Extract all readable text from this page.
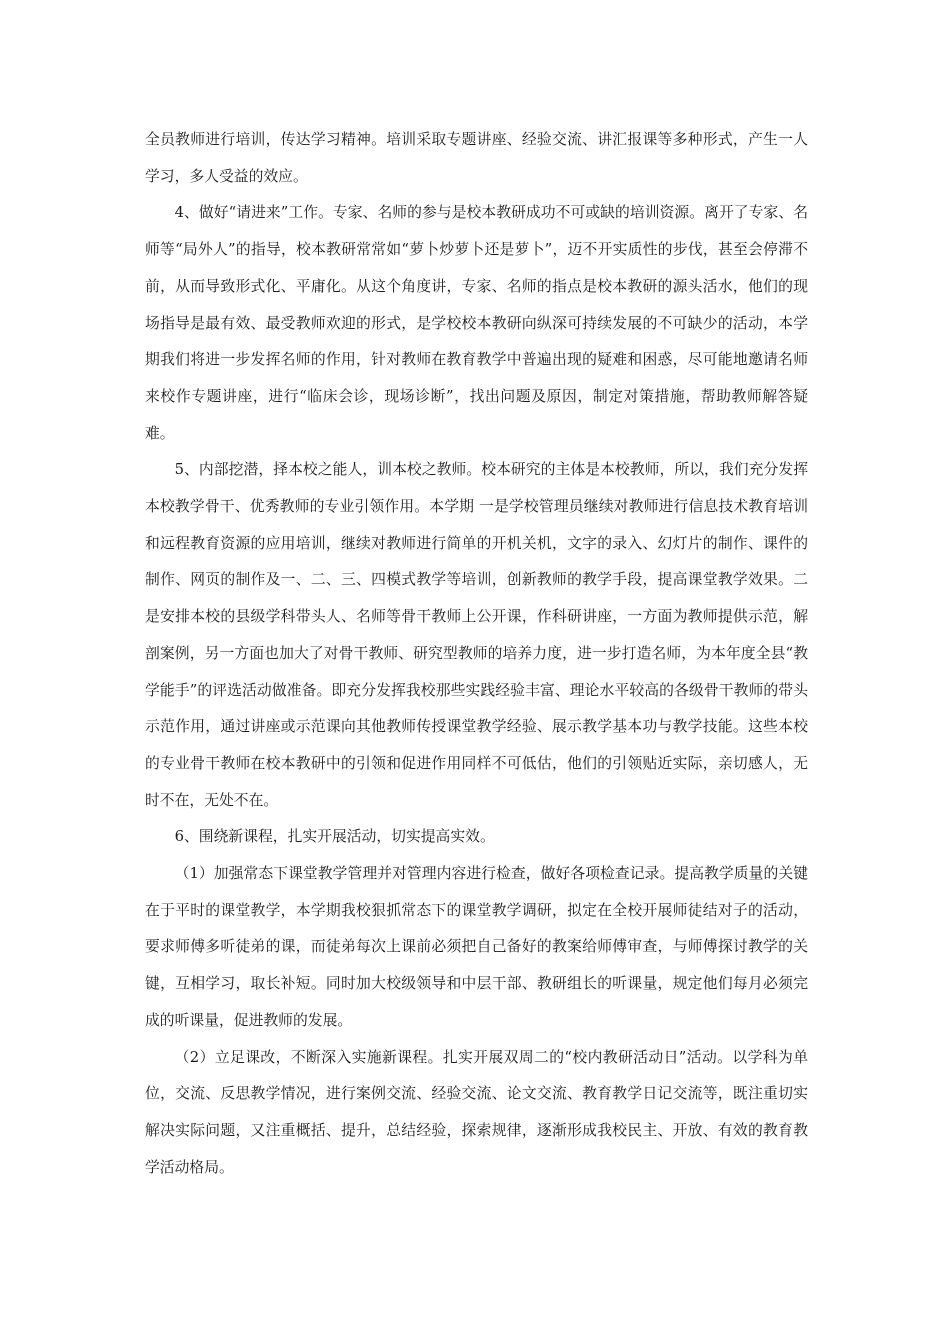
全员教师进行培训，传达学习精神。培训采取专题讲座、经验交流、讲汇报课等多种形式，产生一人学习，多人受益的效应。

4、做好“请进来”工作。专家、名师的参与是校本教研成功不可或缺的培训资源。离开了专家、名师等“局外人”的指导，校本教研常常如“萝卜炒萝卜还是萝卜”，迈不开实质性的步伐，甚至会停滞不前，从而导致形式化、平庸化。从这个角度讲，专家、名师的指点是校本教研的源头活水，他们的现场指导是最有效、最受教师欢迎的形式，是学校校本教研向纵深可持续发展的不可缺少的活动，本学期我们将进一步发挥名师的作用，针对教师在教育教学中普遍出现的疑难和困惑，尽可能地邀请名师来校作专题讲座，进行“临床会诊，现场诊断”，找出问题及原因，制定对策措施，帮助教师解答疑难。

5、内部挖潜，择本校之能人，训本校之教师。校本研究的主体是本校教师，所以，我们充分发挥本校教学骨干、优秀教师的专业引领作用。本学期 一是学校管理员继续对教师进行信息技术教育培训和远程教育资源的应用培训，继续对教师进行简单的开机关机，文字的录入、幻灯片的制作、课件的制作、网页的制作及一、二、三、四模式教学等培训，创新教师的教学手段，提高课堂教学效果。二是安排本校的县级学科带头人、名师等骨干教师上公开课，作科研讲座，一方面为教师提供示范，解剖案例，另一方面也加大了对骨干教师、研究型教师的培养力度，进一步打造名师，为本年度全县“教学能手”的评选活动做准备。即充分发挥我校那些实践经验丰富、理论水平较高的各级骨干教师的带头示范作用，通过讲座或示范课向其他教师传授课堂教学经验、展示教学基本功与教学技能。这些本校的专业骨干教师在校本教研中的引领和促进作用同样不可低估，他们的引领贴近实际，亲切感人，无时不在，无处不在。

6、围绕新课程，扎实开展活动，切实提高实效。

（1）加强常态下课堂教学管理并对管理内容进行检查，做好各项检查记录。提高教学质量的关键在于平时的课堂教学，本学期我校狠抓常态下的课堂教学调研，拟定在全校开展师徒结对子的活动，要求师傅多听徒弟的课，而徒弟每次上课前必须把自己备好的教案给师傅审查，与师傅探讨教学的关键，互相学习，取长补短。同时加大校级领导和中层干部、教研组长的听课量，规定他们每月必须完成的听课量，促进教师的发展。

（2）立足课改，不断深入实施新课程。扎实开展双周二的“校内教研活动日”活动。以学科为单位，交流、反思教学情况，进行案例交流、经验交流、论文交流、教育教学日记交流等，既注重切实解决实际问题，又注重概括、提升，总结经验，探索规律，逐渐形成我校民主、开放、有效的教育教学活动格局。
